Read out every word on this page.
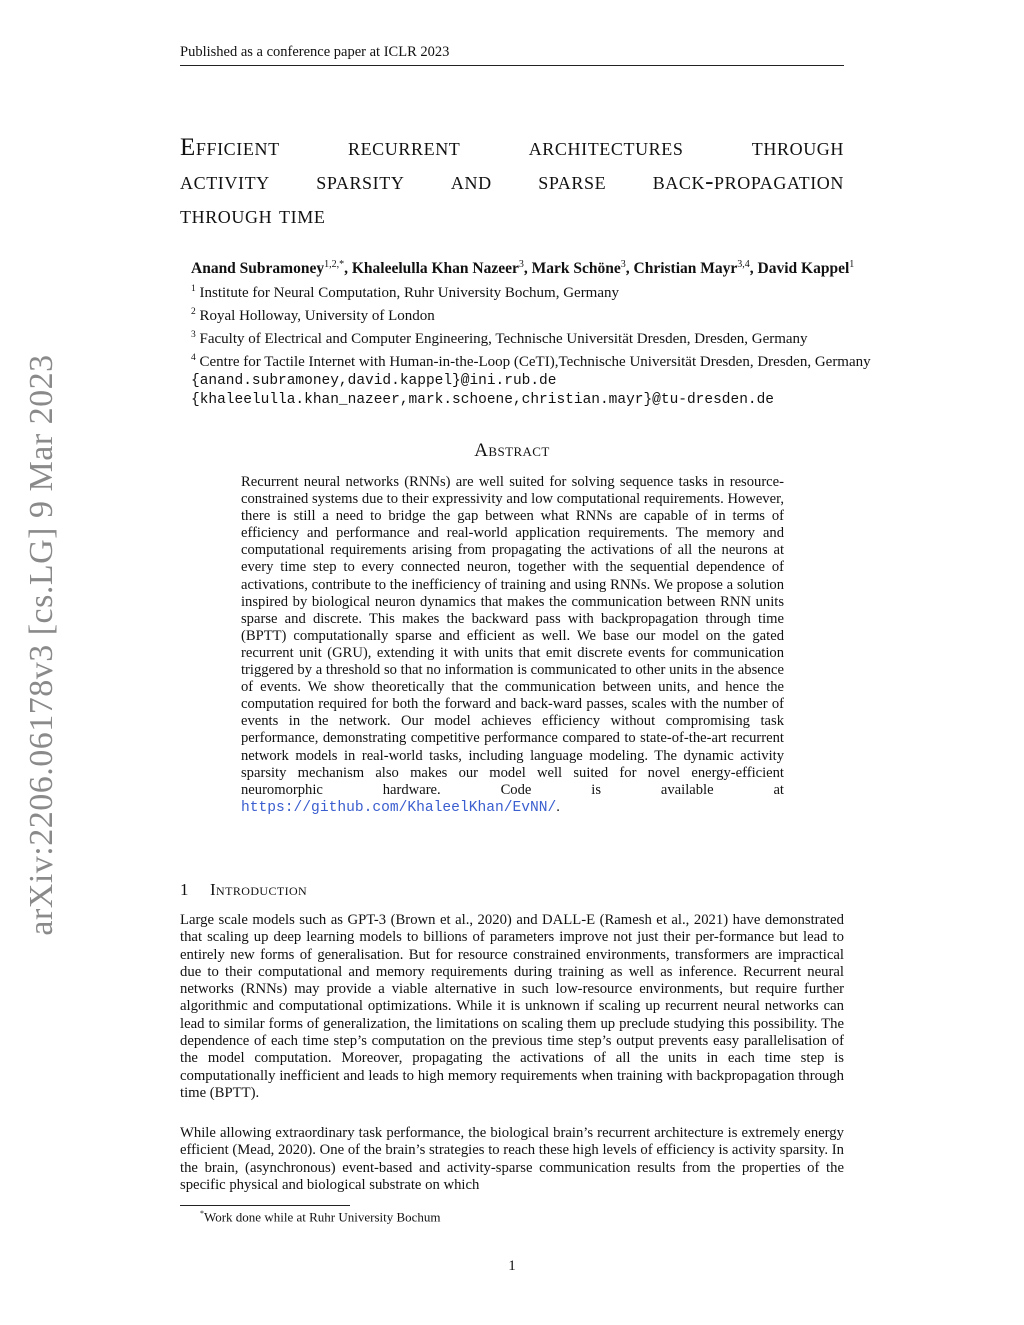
Published as a conference paper at ICLR 2023
arXiv:2206.06178v3 [cs.LG] 9 Mar 2023
Efficient recurrent architectures through
activity sparsity and sparse back-propagation
through time
Anand Subramoney$^{1,2,*}$, Khaleelulla Khan Nazeer$^3$, Mark Schöne$^3$, Christian Mayr$^{3,4}$, David Kappel$^1$
$^1$ Institute for Neural Computation, Ruhr University Bochum, Germany
$^2$ Royal Holloway, University of London
$^3$ Faculty of Electrical and Computer Engineering, Technische Universität Dresden, Dresden, Germany
$^4$ Centre for Tactile Internet with Human-in-the-Loop (CeTI),Technische Universität Dresden, Dresden, Germany
{anand.subramoney,david.kappel}@ini.rub.de
{khaleelulla.khan_nazeer,mark.schoene,christian.mayr}@tu-dresden.de
Abstract
Recurrent neural networks (RNNs) are well suited for solving sequence tasks in resource-constrained systems due to their expressivity and low computational requirements. However, there is still a need to bridge the gap between what RNNs are capable of in terms of efficiency and performance and real-world application requirements. The memory and computational requirements arising from propagating the activations of all the neurons at every time step to every connected neuron, together with the sequential dependence of activations, contribute to the inefficiency of training and using RNNs. We propose a solution inspired by biological neuron dynamics that makes the communication between RNN units sparse and discrete. This makes the backward pass with backpropagation through time (BPTT) computationally sparse and efficient as well. We base our model on the gated recurrent unit (GRU), extending it with units that emit discrete events for communication triggered by a threshold so that no information is communicated to other units in the absence of events. We show theoretically that the communication between units, and hence the computation required for both the forward and back-ward passes, scales with the number of events in the network. Our model achieves efficiency without compromising task performance, demonstrating competitive performance compared to state-of-the-art recurrent network models in real-world tasks, including language modeling. The dynamic activity sparsity mechanism also makes our model well suited for novel energy-efficient neuromorphic hardware.	Code is available at https://github.com/KhaleelKhan/EvNN/.
1 Introduction
Large scale models such as GPT-3 (Brown et al., 2020) and DALL-E (Ramesh et al., 2021) have demonstrated that scaling up deep learning models to billions of parameters improve not just their per-formance but lead to entirely new forms of generalisation. But for resource constrained environments, transformers are impractical due to their computational and memory requirements during training as well as inference. Recurrent neural networks (RNNs) may provide a viable alternative in such low-resource environments, but require further algorithmic and computational optimizations. While it is unknown if scaling up recurrent neural networks can lead to similar forms of generalization, the limitations on scaling them up preclude studying this possibility. The dependence of each time step’s computation on the previous time step’s output prevents easy parallelisation of the model computation. Moreover, propagating the activations of all the units in each time step is computationally inefficient and leads to high memory requirements when training with backpropagation through time (BPTT).
While allowing extraordinary task performance, the biological brain’s recurrent architecture is extremely energy efficient (Mead, 2020). One of the brain’s strategies to reach these high levels of efficiency is activity sparsity. In the brain, (asynchronous) event-based and activity-sparse communication results from the properties of the specific physical and biological substrate on which
*Work done while at Ruhr University Bochum
1
